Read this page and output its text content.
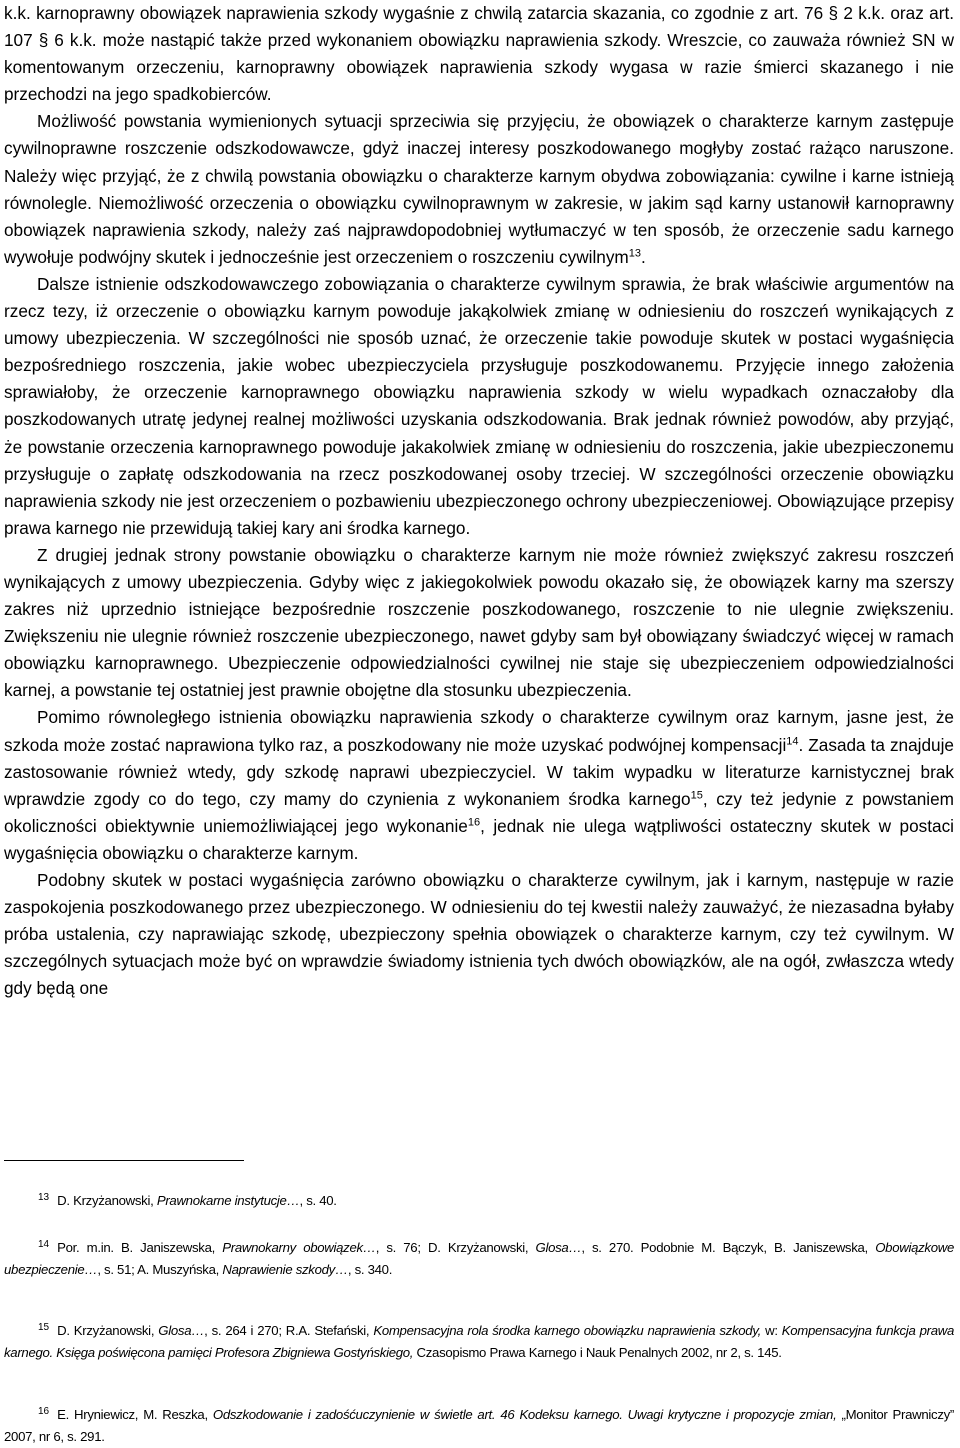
k.k. karnoprawny obowiązek naprawienia szkody wygaśnie z chwilą zatarcia skazania, co zgodnie z art. 76 § 2 k.k. oraz art. 107 § 6 k.k. może nastąpić także przed wykonaniem obowiązku naprawienia szkody. Wreszcie, co zauważa również SN w komentowanym orzeczeniu, karnoprawny obowiązek naprawienia szkody wygasa w razie śmierci skazanego i nie przechodzi na jego spadkobierców.

Możliwość powstania wymienionych sytuacji sprzeciwia się przyjęciu, że obowiązek o charakterze karnym zastępuje cywilnoprawne roszczenie odszkodowawcze, gdyż inaczej interesy poszkodowanego mogłyby zostać rażąco naruszone. Należy więc przyjąć, że z chwilą powstania obowiązku o charakterze karnym obydwa zobowiązania: cywilne i karne istnieją równolegle. Niemożliwość orzeczenia o obowiązku cywilnoprawnym w zakresie, w jakim sąd karny ustanowił karnoprawny obowiązek naprawienia szkody, należy zaś najprawdopodobniej wytłumaczyć w ten sposób, że orzeczenie sadu karnego wywołuje podwójny skutek i jednocześnie jest orzeczeniem o roszczeniu cywilnym$^{13}$.

Dalsze istnienie odszkodowawczego zobowiązania o charakterze cywilnym sprawia, że brak właściwie argumentów na rzecz tezy, iż orzeczenie o obowiązku karnym powoduje jakąkolwiek zmianę w odniesieniu do roszczeń wynikających z umowy ubezpieczenia. W szczególności nie sposób uznać, że orzeczenie takie powoduje skutek w postaci wygaśnięcia bezpośredniego roszczenia, jakie wobec ubezpieczyciela przysługuje poszkodowanemu. Przyjęcie innego założenia sprawiałoby, że orzeczenie karnoprawnego obowiązku naprawienia szkody w wielu wypadkach oznaczałoby dla poszkodowanych utratę jedynej realnej możliwości uzyskania odszkodowania. Brak jednak również powodów, aby przyjąć, że powstanie orzeczenia karnoprawnego powoduje jakakolwiek zmianę w odniesieniu do roszczenia, jakie ubezpieczonemu przysługuje o zapłatę odszkodowania na rzecz poszkodowanej osoby trzeciej. W szczególności orzeczenie obowiązku naprawienia szkody nie jest orzeczeniem o pozbawieniu ubezpieczonego ochrony ubezpieczeniowej. Obowiązujące przepisy prawa karnego nie przewidują takiej kary ani środka karnego.

Z drugiej jednak strony powstanie obowiązku o charakterze karnym nie może również zwiększyć zakresu roszczeń wynikających z umowy ubezpieczenia. Gdyby więc z jakiegokolwiek powodu okazało się, że obowiązek karny ma szerszy zakres niż uprzednio istniejące bezpośrednie roszczenie poszkodowanego, roszczenie to nie ulegnie zwiększeniu. Zwiększeniu nie ulegnie również roszczenie ubezpieczonego, nawet gdyby sam był obowiązany świadczyć więcej w ramach obowiązku karnoprawnego. Ubezpieczenie odpowiedzialności cywilnej nie staje się ubezpieczeniem odpowiedzialności karnej, a powstanie tej ostatniej jest prawnie obojętne dla stosunku ubezpieczenia.

Pomimo równoległego istnienia obowiązku naprawienia szkody o charakterze cywilnym oraz karnym, jasne jest, że szkoda może zostać naprawiona tylko raz, a poszkodowany nie może uzyskać podwójnej kompensacji$^{14}$. Zasada ta znajduje zastosowanie również wtedy, gdy szkodę naprawi ubezpieczyciel. W takim wypadku w literaturze karnistycznej brak wprawdzie zgody co do tego, czy mamy do czynienia z wykonaniem środka karnego$^{15}$, czy też jedynie z powstaniem okoliczności obiektywnie uniemożliwiającej jego wykonanie$^{16}$, jednak nie ulega wątpliwości ostateczny skutek w postaci wygaśnięcia obowiązku o charakterze karnym.

Podobny skutek w postaci wygaśnięcia zarówno obowiązku o charakterze cywilnym, jak i karnym, następuje w razie zaspokojenia poszkodowanego przez ubezpieczonego. W odniesieniu do tej kwestii należy zauważyć, że niezasadna byłaby próba ustalenia, czy naprawiając szkodę, ubezpieczony spełnia obowiązek o charakterze karnym, czy też cywilnym. W szczególnych sytuacjach może być on wprawdzie świadomy istnienia tych dwóch obowiązków, ale na ogół, zwłaszcza wtedy gdy będą one

$^{13}$ D. Krzyżanowski, Prawnokarne instytucje…, s. 40.

$^{14}$ Por. m.in. B. Janiszewska, Prawnokarny obowiązek…, s. 76; D. Krzyżanowski, Glosa…, s. 270. Podobnie M. Bączyk, B. Janiszewska, Obowiązkowe ubezpieczenie…, s. 51; A. Muszyńska, Naprawienie szkody…, s. 340.

$^{15}$ D. Krzyżanowski, Glosa…, s. 264 i 270; R.A. Stefański, Kompensacyjna rola środka karnego obowiązku naprawienia szkody, w: Kompensacyjna funkcja prawa karnego. Księga poświęcona pamięci Profesora Zbigniewa Gostyńskiego, Czasopismo Prawa Karnego i Nauk Penalnych 2002, nr 2, s. 145.

$^{16}$ E. Hryniewicz, M. Reszka, Odszkodowanie i zadośćuczynienie w świetle art. 46 Kodeksu karnego. Uwagi krytyczne i propozycje zmian, „Monitor Prawniczy” 2007, nr 6, s. 291.
